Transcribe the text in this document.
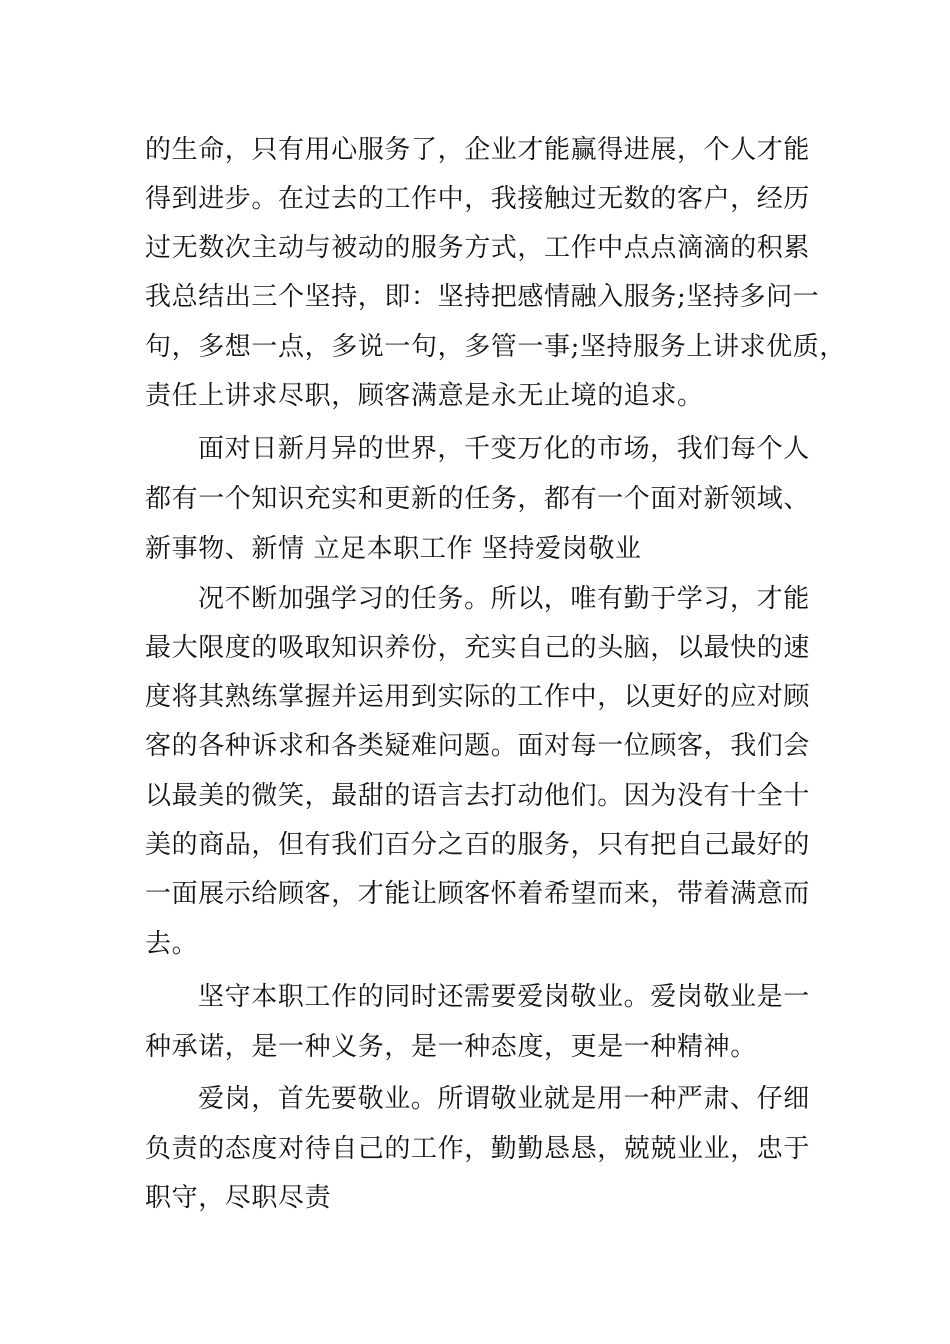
的生命，只有用心服务了，企业才能赢得进展，个人才能
得到进步。在过去的工作中，我接触过无数的客户，经历
过无数次主动与被动的服务方式，工作中点点滴滴的积累
我总结出三个坚持，即：坚持把感情融入服务;坚持多问一
句，多想一点，多说一句，多管一事;坚持服务上讲求优质，
责任上讲求尽职，顾客满意是永无止境的追求。
面对日新月异的世界，千变万化的市场，我们每个人
都有一个知识充实和更新的任务，都有一个面对新领域、
新事物、新情 立足本职工作 坚持爱岗敬业
况不断加强学习的任务。所以，唯有勤于学习，才能
最大限度的吸取知识养份，充实自己的头脑，以最快的速
度将其熟练掌握并运用到实际的工作中，以更好的应对顾
客的各种诉求和各类疑难问题。面对每一位顾客，我们会
以最美的微笑，最甜的语言去打动他们。因为没有十全十
美的商品，但有我们百分之百的服务，只有把自己最好的
一面展示给顾客，才能让顾客怀着希望而来，带着满意而
去。
坚守本职工作的同时还需要爱岗敬业。爱岗敬业是一
种承诺，是一种义务，是一种态度，更是一种精神。
爱岗，首先要敬业。所谓敬业就是用一种严肃、仔细
负责的态度对待自己的工作，勤勤恳恳，兢兢业业，忠于
职守，尽职尽责
